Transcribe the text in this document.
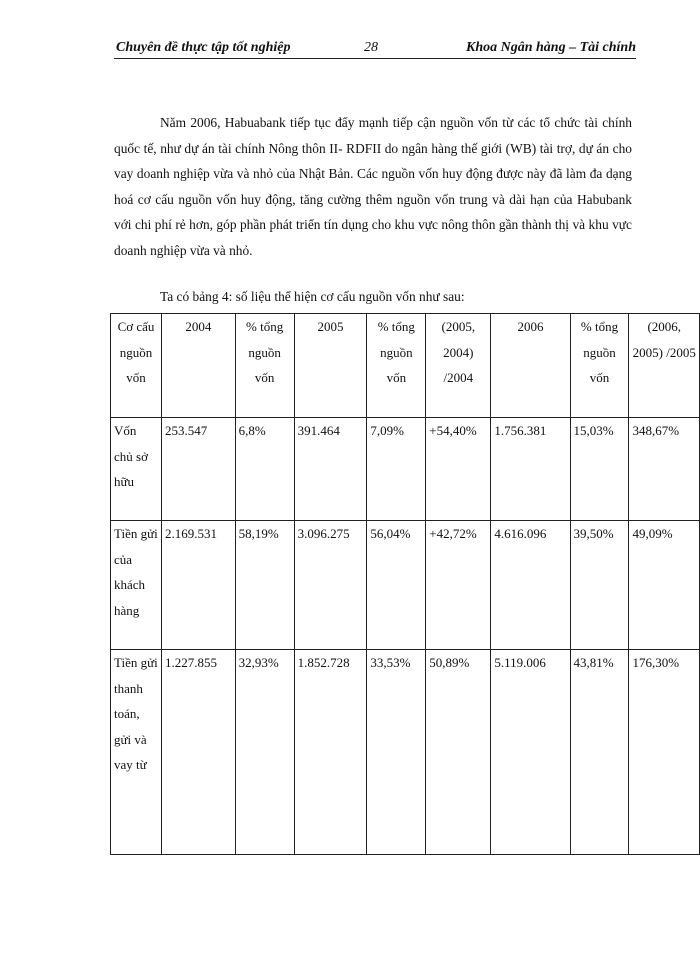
Chuyên đề thực tập tốt nghiệp	28	Khoa Ngân hàng – Tài chính

Năm 2006, Habuabank tiếp tục đẩy mạnh tiếp cận nguồn vốn từ các tổ chức tài chính quốc tế, như dự án tài chính Nông thôn II- RDFII do ngân hàng thế giới (WB) tài trợ, dự án cho vay doanh nghiệp vừa và nhỏ của Nhật Bản. Các nguồn vốn huy động được này đã làm đa dạng hoá cơ cấu nguồn vốn huy động, tăng cường thêm nguồn vốn trung và dài hạn của Habubank với chi phí rẻ hơn, góp phần phát triển tín dụng cho khu vực nông thôn gần thành thị và khu vực doanh nghiệp vừa và nhỏ.

Ta có bảng 4: số liệu thể hiện cơ cấu nguồn vốn như sau:
Cơ cấu nguồn vốn	2004	% tổng nguồn vốn	2005	% tổng nguồn vốn	(2005, 2004) /2004	2006	% tổng nguồn vốn	(2006, 2005) /2005
Vốn chủ sở hữu	253.547	6,8%	391.464	7,09%	+54,40%	1.756.381	15,03%	348,67%
Tiền gửi của khách hàng	2.169.531	58,19%	3.096.275	56,04%	+42,72%	4.616.096	39,50%	49,09%
Tiền gửi thanh toán, gửi và vay từ	1.227.855	32,93%	1.852.728	33,53%	50,89%	5.119.006	43,81%	176,30%
